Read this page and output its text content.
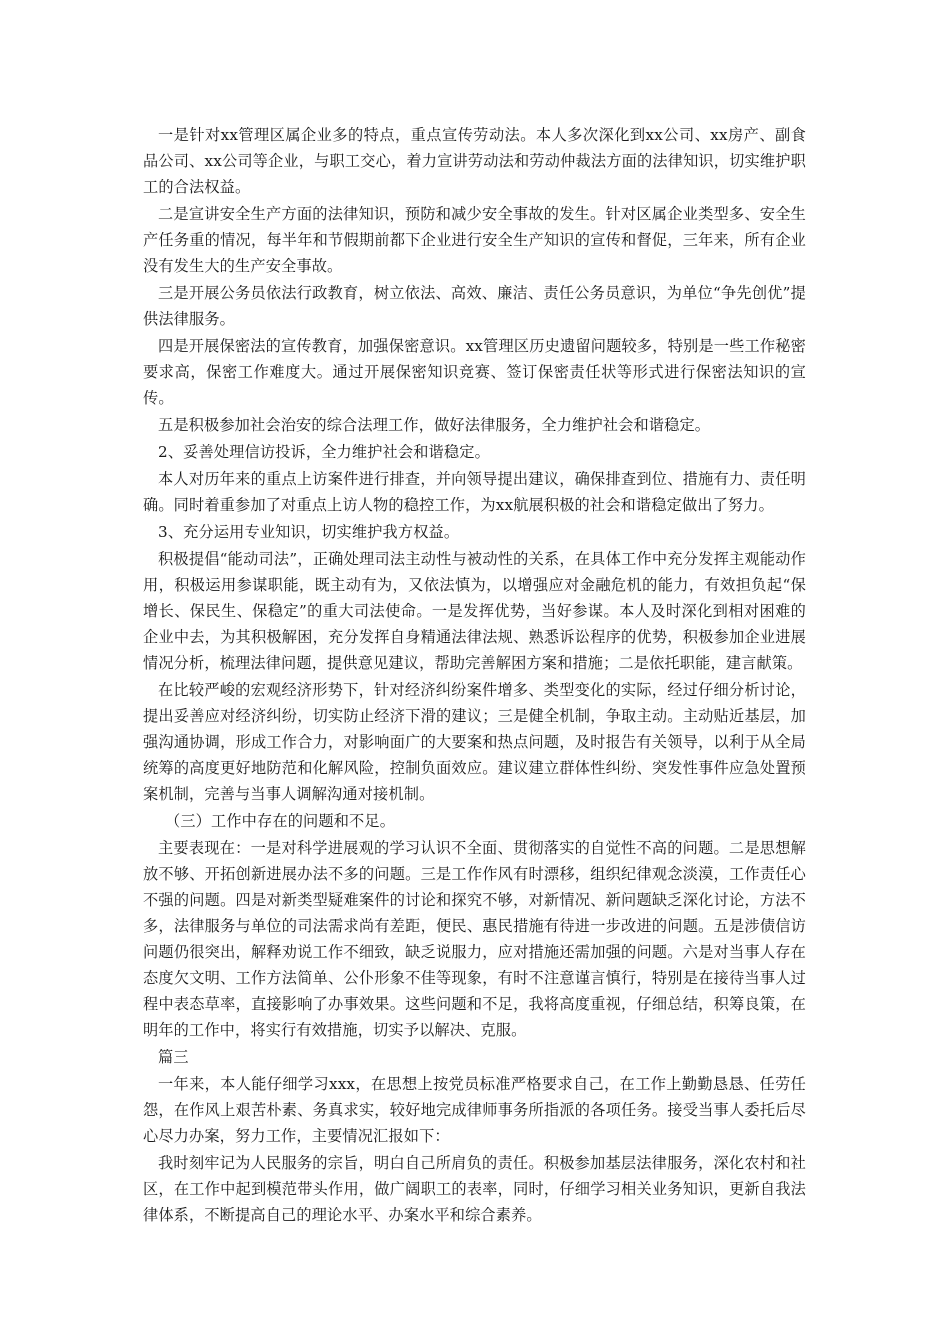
一是针对xx管理区属企业多的特点，重点宣传劳动法。本人多次深化到xx公司、xx房产、副食品公司、xx公司等企业，与职工交心，着力宣讲劳动法和劳动仲裁法方面的法律知识，切实维护职工的合法权益。

二是宣讲安全生产方面的法律知识，预防和减少安全事故的发生。针对区属企业类型多、安全生产任务重的情况，每半年和节假期前都下企业进行安全生产知识的宣传和督促，三年来，所有企业没有发生大的生产安全事故。

三是开展公务员依法行政教育，树立依法、高效、廉洁、责任公务员意识，为单位“争先创优”提供法律服务。

四是开展保密法的宣传教育，加强保密意识。xx管理区历史遗留问题较多，特别是一些工作秘密要求高，保密工作难度大。通过开展保密知识竞赛、签订保密责任状等形式进行保密法知识的宣传。

五是积极参加社会治安的综合法理工作，做好法律服务，全力维护社会和谐稳定。

2、妥善处理信访投诉，全力维护社会和谐稳定。

本人对历年来的重点上访案件进行排查，并向领导提出建议，确保排查到位、措施有力、责任明确。同时着重参加了对重点上访人物的稳控工作，为xx航展积极的社会和谐稳定做出了努力。

3、充分运用专业知识，切实维护我方权益。

积极提倡“能动司法”，正确处理司法主动性与被动性的关系，在具体工作中充分发挥主观能动作用，积极运用参谋职能，既主动有为，又依法慎为，以增强应对金融危机的能力，有效担负起“保增长、保民生、保稳定”的重大司法使命。一是发挥优势，当好参谋。本人及时深化到相对困难的企业中去，为其积极解困，充分发挥自身精通法律法规、熟悉诉讼程序的优势，积极参加企业进展情况分析，梳理法律问题，提供意见建议，帮助完善解困方案和措施；二是依托职能，建言献策。

在比较严峻的宏观经济形势下，针对经济纠纷案件增多、类型变化的实际，经过仔细分析讨论，提出妥善应对经济纠纷，切实防止经济下滑的建议；三是健全机制，争取主动。主动贴近基层，加强沟通协调，形成工作合力，对影响面广的大要案和热点问题，及时报告有关领导，以利于从全局统筹的高度更好地防范和化解风险，控制负面效应。建议建立群体性纠纷、突发性事件应急处置预案机制，完善与当事人调解沟通对接机制。

（三）工作中存在的问题和不足。

主要表现在：一是对科学进展观的学习认识不全面、贯彻落实的自觉性不高的问题。二是思想解放不够、开拓创新进展办法不多的问题。三是工作作风有时漂移，组织纪律观念淡漠，工作责任心不强的问题。四是对新类型疑难案件的讨论和探究不够，对新情况、新问题缺乏深化讨论，方法不多，法律服务与单位的司法需求尚有差距，便民、惠民措施有待进一步改进的问题。五是涉债信访问题仍很突出，解释劝说工作不细致，缺乏说服力，应对措施还需加强的问题。六是对当事人存在态度欠文明、工作方法简单、公仆形象不佳等现象，有时不注意谨言慎行，特别是在接待当事人过程中表态草率，直接影响了办事效果。这些问题和不足，我将高度重视，仔细总结，积筹良策，在明年的工作中，将实行有效措施，切实予以解决、克服。

篇三

一年来，本人能仔细学习xxx，在思想上按党员标准严格要求自己，在工作上勤勤恳恳、任劳任怨，在作风上艰苦朴素、务真求实，较好地完成律师事务所指派的各项任务。接受当事人委托后尽心尽力办案，努力工作，主要情况汇报如下：

我时刻牢记为人民服务的宗旨，明白自己所肩负的责任。积极参加基层法律服务，深化农村和社区，在工作中起到模范带头作用，做广阔职工的表率，同时，仔细学习相关业务知识，更新自我法律体系，不断提高自己的理论水平、办案水平和综合素养。
